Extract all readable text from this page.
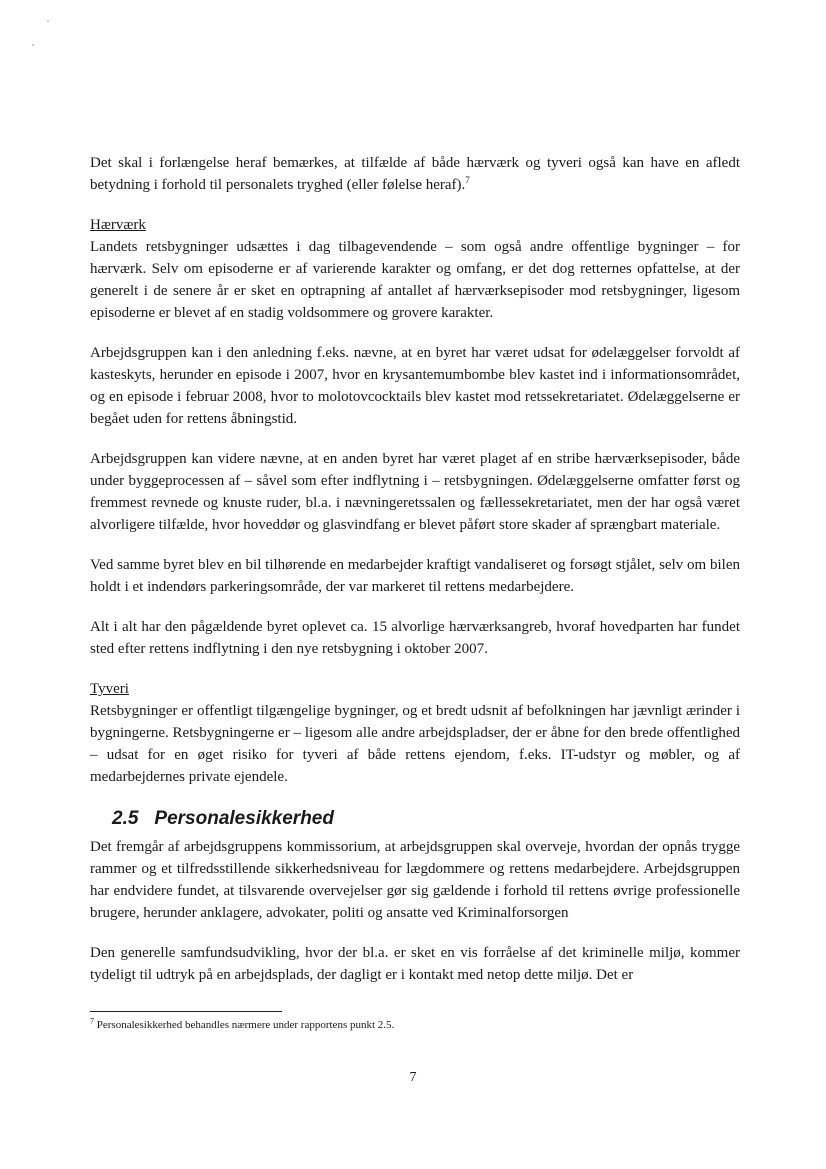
Det skal i forlængelse heraf bemærkes, at tilfælde af både hærværk og tyveri også kan have en afledt betydning i forhold til personalets tryghed (eller følelse heraf).$^7$

Hærværk

Landets retsbygninger udsættes i dag tilbagevendende – som også andre offentlige bygninger – for hærværk. Selv om episoderne er af varierende karakter og omfang, er det dog retternes opfattelse, at der generelt i de senere år er sket en optrapning af antallet af hærværksepisoder mod retsbygninger, ligesom episoderne er blevet af en stadig voldsommere og grovere karakter.

Arbejdsgruppen kan i den anledning f.eks. nævne, at en byret har været udsat for ødelæggelser forvoldt af kasteskyts, herunder en episode i 2007, hvor en krysantemumbombe blev kastet ind i informationsområdet, og en episode i februar 2008, hvor to molotovcocktails blev kastet mod retssekretariatet. Ødelæggelserne er begået uden for rettens åbningstid.

Arbejdsgruppen kan videre nævne, at en anden byret har været plaget af en stribe hærværksepisoder, både under byggeprocessen af – såvel som efter indflytning i – retsbygningen. Ødelæggelserne omfatter først og fremmest revnede og knuste ruder, bl.a. i nævningeretssalen og fællessekretariatet, men der har også været alvorligere tilfælde, hvor hoveddør og glasvindfang er blevet påført store skader af sprængbart materiale.

Ved samme byret blev en bil tilhørende en medarbejder kraftigt vandaliseret og forsøgt stjålet, selv om bilen holdt i et indendørs parkeringsområde, der var markeret til rettens medarbejdere.

Alt i alt har den pågældende byret oplevet ca. 15 alvorlige hærværksangreb, hvoraf hovedparten har fundet sted efter rettens indflytning i den nye retsbygning i oktober 2007.

Tyveri

Retsbygninger er offentligt tilgængelige bygninger, og et bredt udsnit af befolkningen har jævnligt ærinder i bygningerne. Retsbygningerne er – ligesom alle andre arbejdspladser, der er åbne for den brede offentlighed – udsat for en øget risiko for tyveri af både rettens ejendom, f.eks. IT-udstyr og møbler, og af medarbejdernes private ejendele.

2.5 Personalesikkerhed

Det fremgår af arbejdsgruppens kommissorium, at arbejdsgruppen skal overveje, hvordan der opnås trygge rammer og et tilfredsstillende sikkerhedsniveau for lægdommere og rettens medarbejdere. Arbejdsgruppen har endvidere fundet, at tilsvarende overvejelser gør sig gældende i forhold til rettens øvrige professionelle brugere, herunder anklagere, advokater, politi og ansatte ved Kriminalforsorgen

Den generelle samfundsudvikling, hvor der bl.a. er sket en vis forråelse af det kriminelle miljø, kommer tydeligt til udtryk på en arbejdsplads, der dagligt er i kontakt med netop dette miljø. Det er

$^7$ Personalesikkerhed behandles nærmere under rapportens punkt 2.5.
7
